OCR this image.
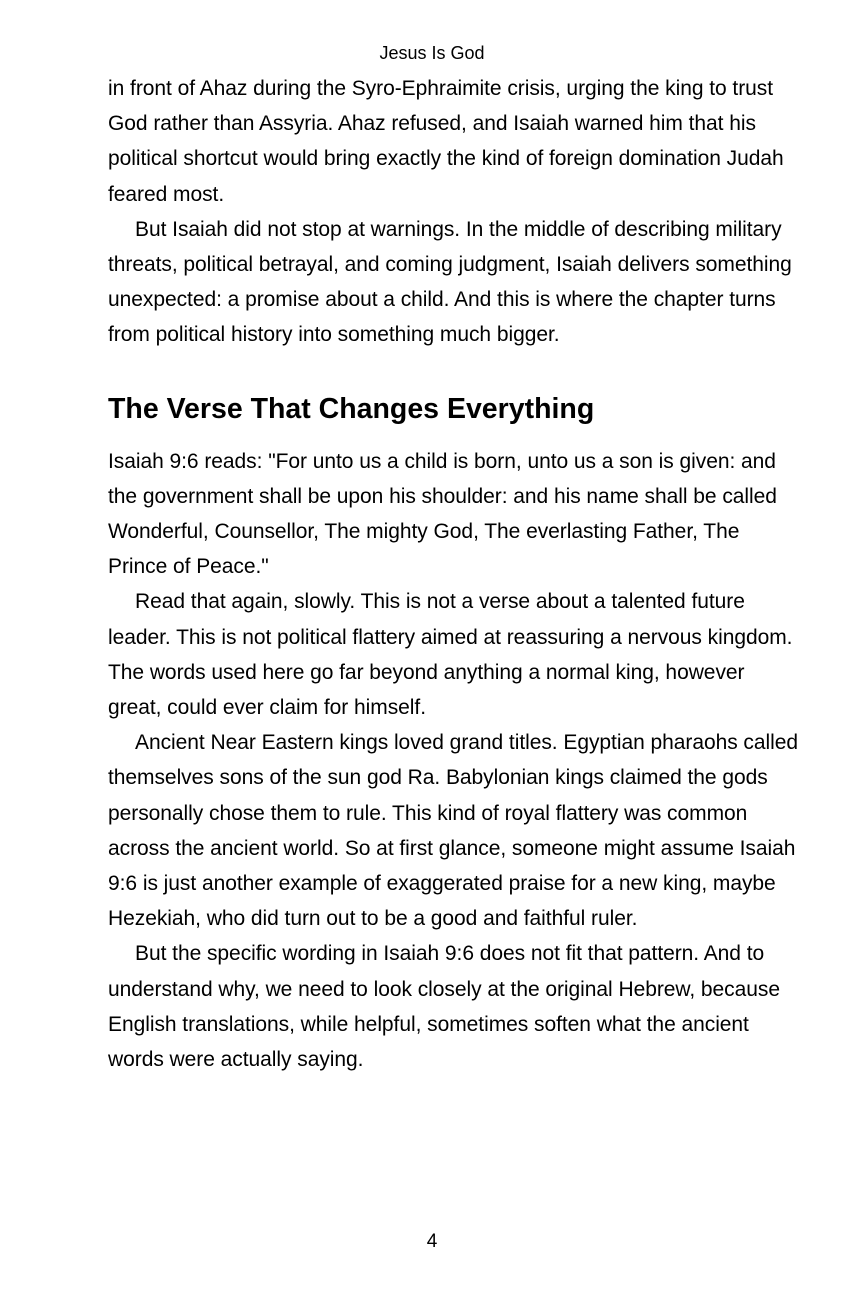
Jesus Is God

in front of Ahaz during the Syro-Ephraimite crisis, urging the king to trust God rather than Assyria. Ahaz refused, and Isaiah warned him that his political shortcut would bring exactly the kind of foreign domination Judah feared most.

But Isaiah did not stop at warnings. In the middle of describing military threats, political betrayal, and coming judgment, Isaiah delivers something unexpected: a promise about a child. And this is where the chapter turns from political history into something much bigger.

The Verse That Changes Everything

Isaiah 9:6 reads: "For unto us a child is born, unto us a son is given: and the government shall be upon his shoulder: and his name shall be called Wonderful, Counsellor, The mighty God, The everlasting Father, The Prince of Peace."

Read that again, slowly. This is not a verse about a talented future leader. This is not political flattery aimed at reassuring a nervous kingdom. The words used here go far beyond anything a normal king, however great, could ever claim for himself.

Ancient Near Eastern kings loved grand titles. Egyptian pharaohs called themselves sons of the sun god Ra. Babylonian kings claimed the gods personally chose them to rule. This kind of royal flattery was common across the ancient world. So at first glance, someone might assume Isaiah 9:6 is just another example of exaggerated praise for a new king, maybe Hezekiah, who did turn out to be a good and faithful ruler.

But the specific wording in Isaiah 9:6 does not fit that pattern. And to understand why, we need to look closely at the original Hebrew, because English translations, while helpful, sometimes soften what the ancient words were actually saying.

4
